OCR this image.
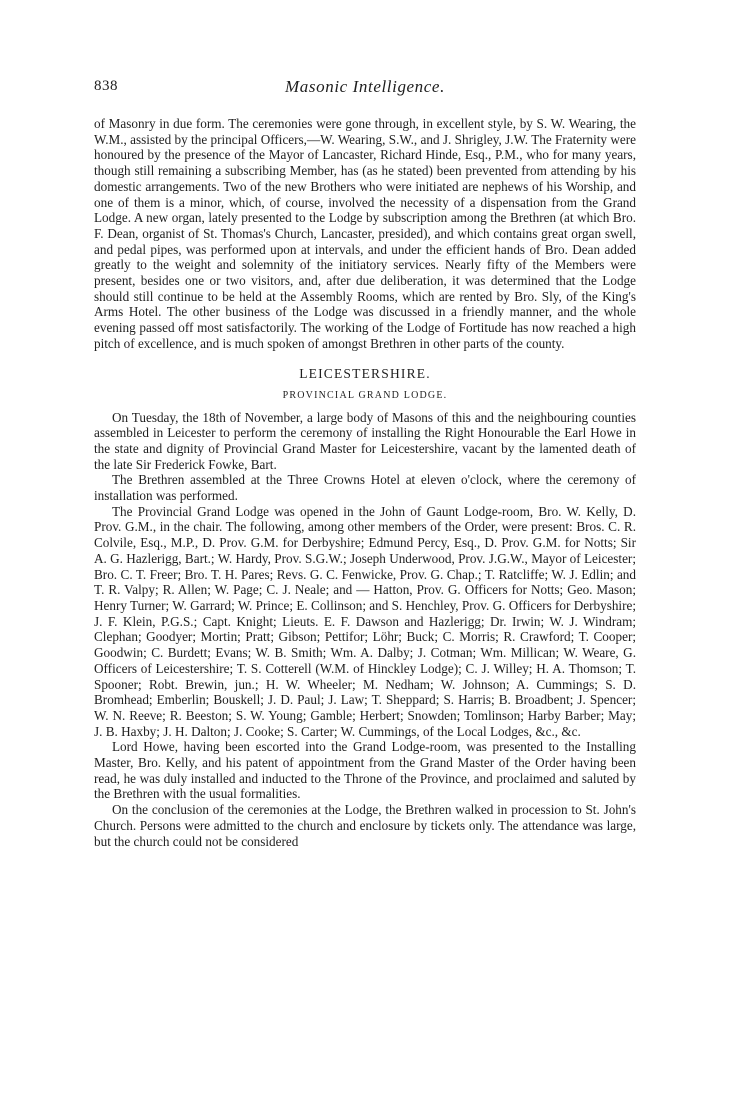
838	Masonic Intelligence.

of Masonry in due form. The ceremonies were gone through, in excellent style, by S. W. Wearing, the W.M., assisted by the principal Officers,—W. Wearing, S.W., and J. Shrigley, J.W. The Fraternity were honoured by the presence of the Mayor of Lancaster, Richard Hinde, Esq., P.M., who for many years, though still remaining a subscribing Member, has (as he stated) been prevented from attending by his domestic arrangements. Two of the new Brothers who were initiated are nephews of his Worship, and one of them is a minor, which, of course, involved the necessity of a dispensation from the Grand Lodge. A new organ, lately presented to the Lodge by subscription among the Brethren (at which Bro. F. Dean, organist of St. Thomas's Church, Lancaster, presided), and which contains great organ swell, and pedal pipes, was performed upon at intervals, and under the efficient hands of Bro. Dean added greatly to the weight and solemnity of the initiatory services. Nearly fifty of the Members were present, besides one or two visitors, and, after due deliberation, it was determined that the Lodge should still continue to be held at the Assembly Rooms, which are rented by Bro. Sly, of the King's Arms Hotel. The other business of the Lodge was discussed in a friendly manner, and the whole evening passed off most satisfactorily. The working of the Lodge of Fortitude has now reached a high pitch of excellence, and is much spoken of amongst Brethren in other parts of the county.

LEICESTERSHIRE.
PROVINCIAL GRAND LODGE.

On Tuesday, the 18th of November, a large body of Masons of this and the neighbouring counties assembled in Leicester to perform the ceremony of installing the Right Honourable the Earl Howe in the state and dignity of Provincial Grand Master for Leicestershire, vacant by the lamented death of the late Sir Frederick Fowke, Bart.

The Brethren assembled at the Three Crowns Hotel at eleven o'clock, where the ceremony of installation was performed.

The Provincial Grand Lodge was opened in the John of Gaunt Lodge-room, Bro. W. Kelly, D. Prov. G.M., in the chair. The following, among other members of the Order, were present: Bros. C. R. Colvile, Esq., M.P., D. Prov. G.M. for Derbyshire; Edmund Percy, Esq., D. Prov. G.M. for Notts; Sir A. G. Hazlerigg, Bart.; W. Hardy, Prov. S.G.W.; Joseph Underwood, Prov. J.G.W., Mayor of Leicester; Bro. C. T. Freer; Bro. T. H. Pares; Revs. G. C. Fenwicke, Prov. G. Chap.; T. Ratcliffe; W. J. Edlin; and T. R. Valpy; R. Allen; W. Page; C. J. Neale; and — Hatton, Prov. G. Officers for Notts; Geo. Mason; Henry Turner; W. Garrard; W. Prince; E. Collinson; and S. Henchley, Prov. G. Officers for Derbyshire; J. F. Klein, P.G.S.; Capt. Knight; Lieuts. E. F. Dawson and Hazlerigg; Dr. Irwin; W. J. Windram; Clephan; Goodyer; Mortin; Pratt; Gibson; Pettifor; Löhr; Buck; C. Morris; R. Crawford; T. Cooper; Goodwin; C. Burdett; Evans; W. B. Smith; Wm. A. Dalby; J. Cotman; Wm. Millican; W. Weare, G. Officers of Leicestershire; T. S. Cotterell (W.M. of Hinckley Lodge); C. J. Willey; H. A. Thomson; T. Spooner; Robt. Brewin, jun.; H. W. Wheeler; M. Nedham; W. Johnson; A. Cummings; S. D. Bromhead; Emberlin; Bouskell; J. D. Paul; J. Law; T. Sheppard; S. Harris; B. Broadbent; J. Spencer; W. N. Reeve; R. Beeston; S. W. Young; Gamble; Herbert; Snowden; Tomlinson; Harby Barber; May; J. B. Haxby; J. H. Dalton; J. Cooke; S. Carter; W. Cummings, of the Local Lodges, &c., &c.

Lord Howe, having been escorted into the Grand Lodge-room, was presented to the Installing Master, Bro. Kelly, and his patent of appointment from the Grand Master of the Order having been read, he was duly installed and inducted to the Throne of the Province, and proclaimed and saluted by the Brethren with the usual formalities.

On the conclusion of the ceremonies at the Lodge, the Brethren walked in procession to St. John's Church. Persons were admitted to the church and enclosure by tickets only. The attendance was large, but the church could not be considered
